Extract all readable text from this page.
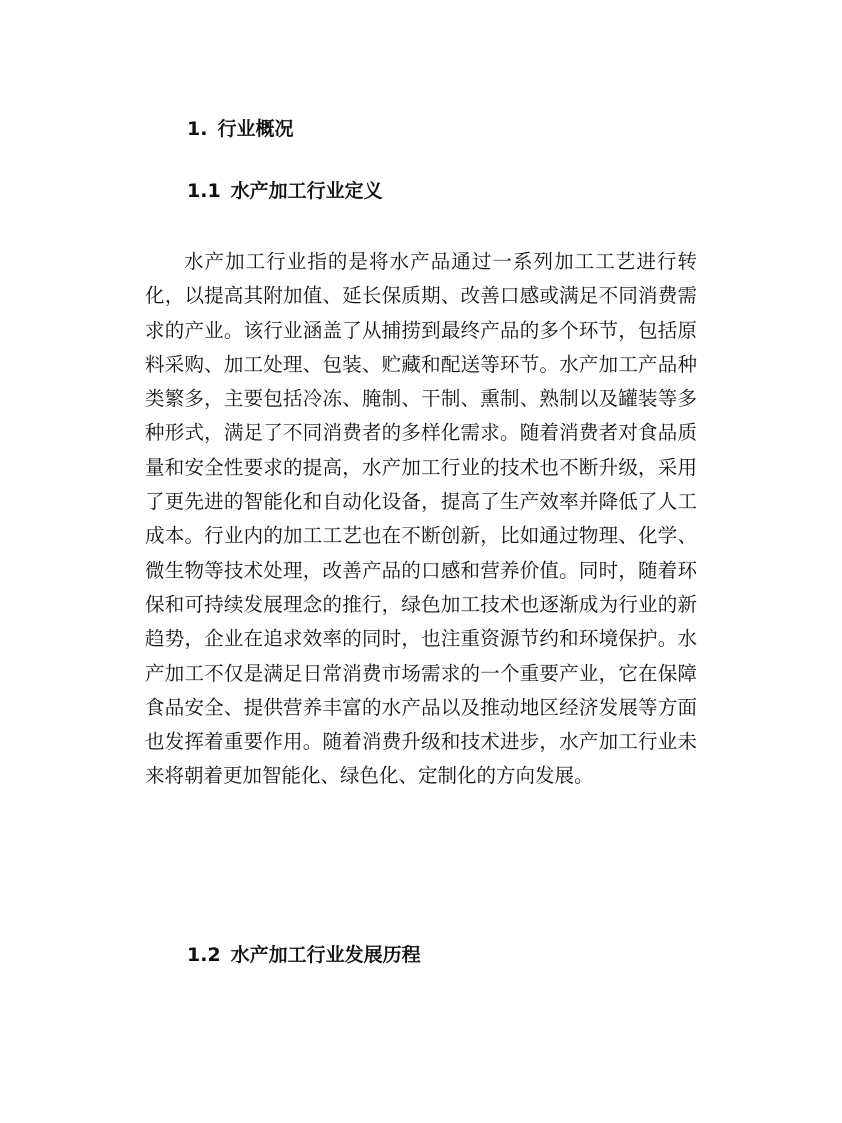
1. 行业概况
1.1 水产加工行业定义

水产加工行业指的是将水产品通过一系列加工工艺进行转化，以提高其附加值、延长保质期、改善口感或满足不同消费需求的产业。该行业涵盖了从捕捞到最终产品的多个环节，包括原料采购、加工处理、包装、贮藏和配送等环节。水产加工产品种类繁多，主要包括冷冻、腌制、干制、熏制、熟制以及罐装等多种形式，满足了不同消费者的多样化需求。随着消费者对食品质量和安全性要求的提高，水产加工行业的技术也不断升级，采用了更先进的智能化和自动化设备，提高了生产效率并降低了人工成本。行业内的加工工艺也在不断创新，比如通过物理、化学、微生物等技术处理，改善产品的口感和营养价值。同时，随着环保和可持续发展理念的推行，绿色加工技术也逐渐成为行业的新趋势，企业在追求效率的同时，也注重资源节约和环境保护。水产加工不仅是满足日常消费市场需求的一个重要产业，它在保障食品安全、提供营养丰富的水产品以及推动地区经济发展等方面也发挥着重要作用。随着消费升级和技术进步，水产加工行业未来将朝着更加智能化、绿色化、定制化的方向发展。

1.2 水产加工行业发展历程
